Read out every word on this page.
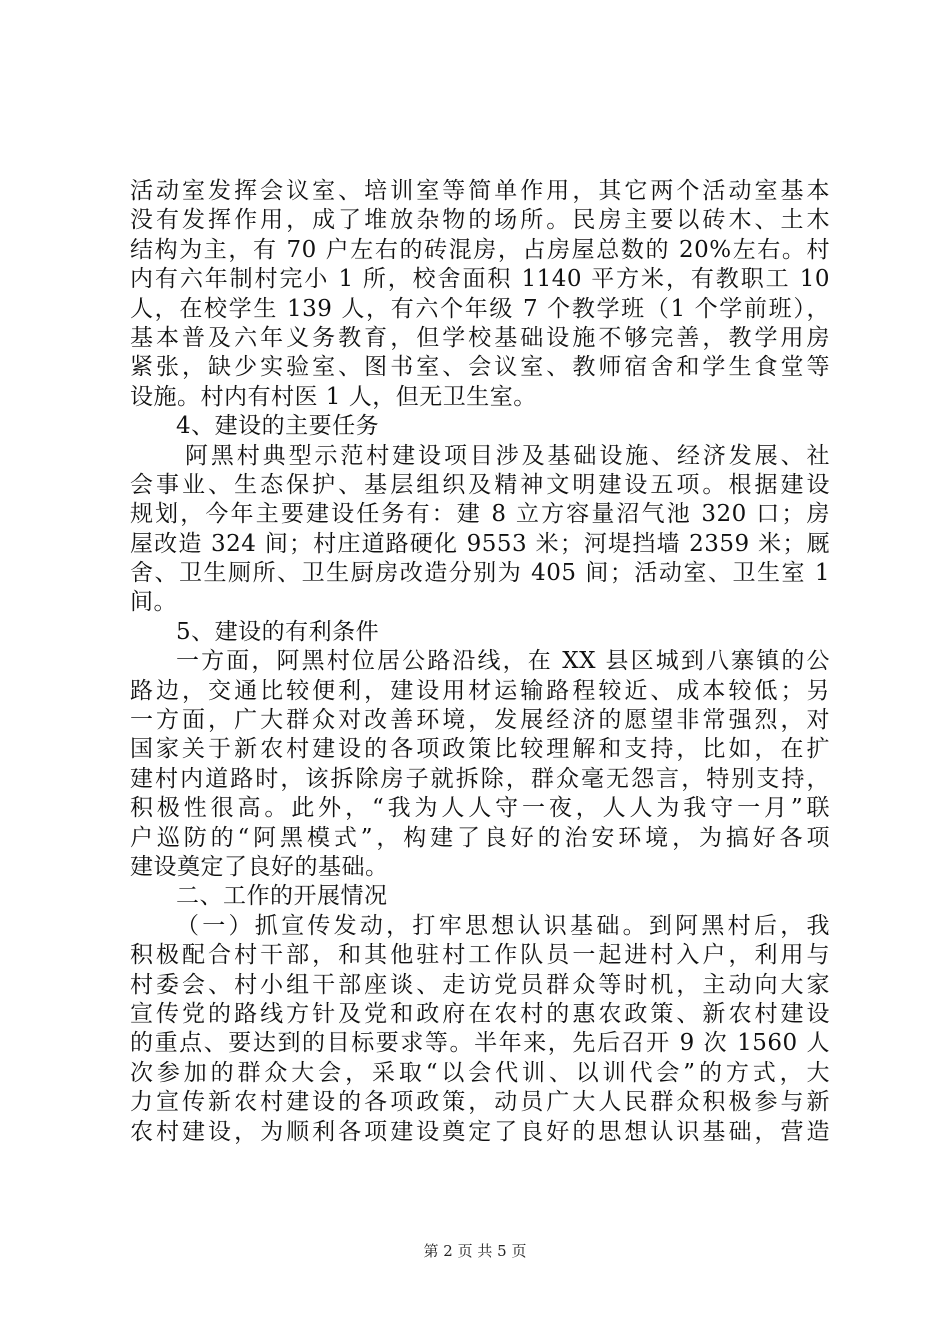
活动室发挥会议室、培训室等简单作用，其它两个活动室基本
没有发挥作用，成了堆放杂物的场所。民房主要以砖木、土木
结构为主，有 70 户左右的砖混房，占房屋总数的 20%左右。村
内有六年制村完小 1 所，校舍面积 1140 平方米，有教职工 10
人，在校学生 139 人，有六个年级 7 个教学班（1 个学前班），
基本普及六年义务教育，但学校基础设施不够完善，教学用房
紧张，缺少实验室、图书室、会议室、教师宿舍和学生食堂等
设施。村内有村医 1 人，但无卫生室。
4、建设的主要任务
阿黑村典型示范村建设项目涉及基础设施、经济发展、社
会事业、生态保护、基层组织及精神文明建设五项。根据建设
规划，今年主要建设任务有：建 8 立方容量沼气池 320 口；房
屋改造 324 间；村庄道路硬化 9553 米；河堤挡墙 2359 米；厩
舍、卫生厕所、卫生厨房改造分别为 405 间；活动室、卫生室 1
间。
5、建设的有利条件
一方面，阿黑村位居公路沿线，在 XX 县区城到八寨镇的公
路边，交通比较便利，建设用材运输路程较近、成本较低；另
一方面，广大群众对改善环境，发展经济的愿望非常强烈，对
国家关于新农村建设的各项政策比较理解和支持，比如，在扩
建村内道路时，该拆除房子就拆除，群众毫无怨言，特别支持，
积极性很高。此外，“我为人人守一夜，人人为我守一月”联
户巡防的“阿黑模式”，构建了良好的治安环境，为搞好各项
建设奠定了良好的基础。
二、工作的开展情况
（一）抓宣传发动，打牢思想认识基础。到阿黑村后，我
积极配合村干部，和其他驻村工作队员一起进村入户，利用与
村委会、村小组干部座谈、走访党员群众等时机，主动向大家
宣传党的路线方针及党和政府在农村的惠农政策、新农村建设
的重点、要达到的目标要求等。半年来，先后召开 9 次 1560 人
次参加的群众大会，采取“以会代训、以训代会”的方式，大
力宣传新农村建设的各项政策，动员广大人民群众积极参与新
农村建设，为顺利各项建设奠定了良好的思想认识基础，营造
第 2 页 共 5 页
